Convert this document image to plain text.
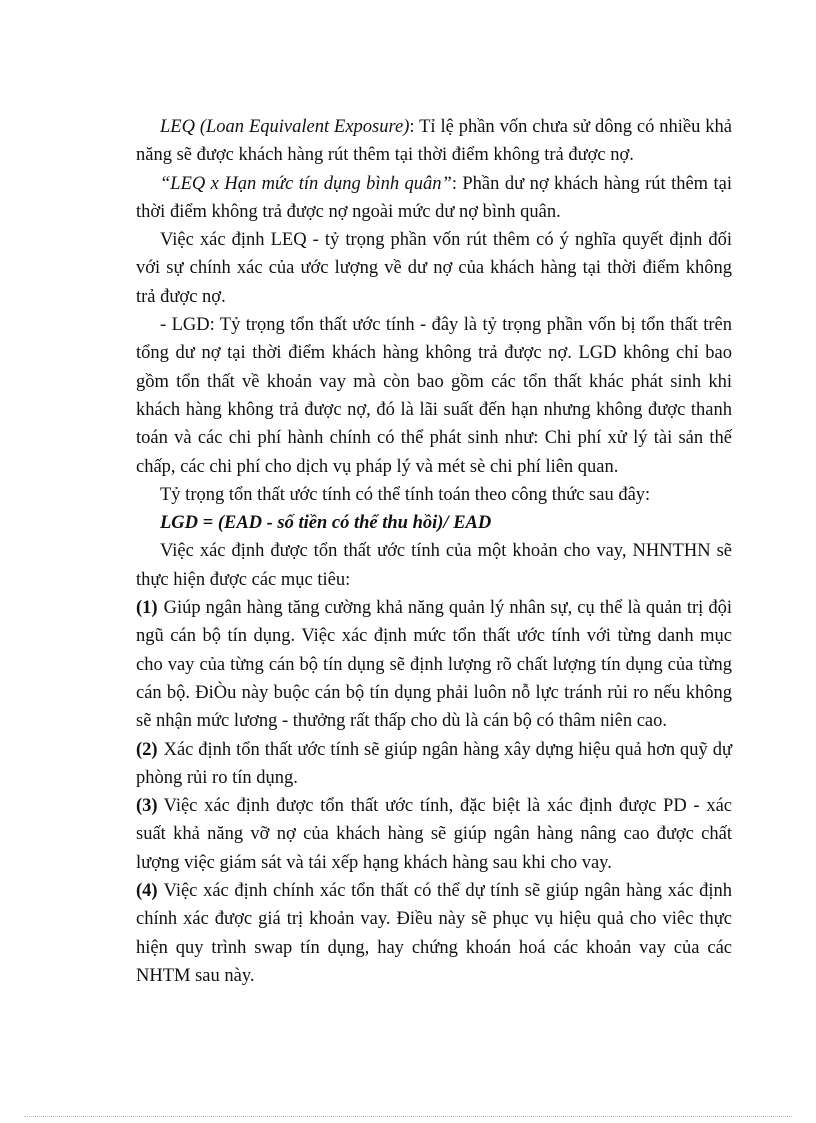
LEQ (Loan Equivalent Exposure): Tỉ lệ phần vốn chưa sử dông có nhiều khả năng sẽ được khách hàng rút thêm tại thời điểm không trả được nợ.

“LEQ x Hạn mức tín dụng bình quân”: Phần dư nợ khách hàng rút thêm tại thời điểm không trả được nợ ngoài mức dư nợ bình quân.

Việc xác định LEQ - tỷ trọng phần vốn rút thêm có ý nghĩa quyết định đối với sự chính xác của ước lượng về dư nợ của khách hàng tại thời điểm không trả được nợ.

- LGD: Tỷ trọng tổn thất ước tính - đây là tỷ trọng phần vốn bị tổn thất trên tổng dư nợ tại thời điểm khách hàng không trả được nợ. LGD không chỉ bao gồm tổn thất về khoản vay mà còn bao gồm các tổn thất khác phát sinh khi khách hàng không trả được nợ, đó là lãi suất đến hạn nhưng không được thanh toán và các chi phí hành chính có thể phát sinh như: Chi phí xử lý tài sản thế chấp, các chi phí cho dịch vụ pháp lý và mét sè chi phí liên quan.

Tỷ trọng tổn thất ước tính có thể tính toán theo công thức sau đây:

LGD = (EAD - số tiền có thể thu hồi)/ EAD

Việc xác định được tổn thất ước tính của một khoản cho vay, NHNTHN sẽ thực hiện được các mục tiêu:

(1) Giúp ngân hàng tăng cường khả năng quản lý nhân sự, cụ thể là quản trị đội ngũ cán bộ tín dụng. Việc xác định mức tổn thất ước tính với từng danh mục cho vay của từng cán bộ tín dụng sẽ định lượng rõ chất lượng tín dụng của từng cán bộ. ĐiÒu này buộc cán bộ tín dụng phải luôn nỗ lực tránh rủi ro nếu không sẽ nhận mức lương - thưởng rất thấp cho dù là cán bộ có thâm niên cao.

(2) Xác định tổn thất ước tính sẽ giúp ngân hàng xây dựng hiệu quả hơn quỹ dự phòng rủi ro tín dụng.

(3) Việc xác định được tổn thất ước tính, đặc biệt là xác định được PD - xác suất khả năng vỡ nợ của khách hàng sẽ giúp ngân hàng nâng cao được chất lượng việc giám sát và tái xếp hạng khách hàng sau khi cho vay.

(4) Việc xác định chính xác tổn thất có thể dự tính sẽ giúp ngân hàng xác định chính xác được giá trị khoản vay. Điều này sẽ phục vụ hiệu quả cho viêc thực hiện quy trình swap tín dụng, hay chứng khoán hoá các khoản vay của các NHTM sau này.
